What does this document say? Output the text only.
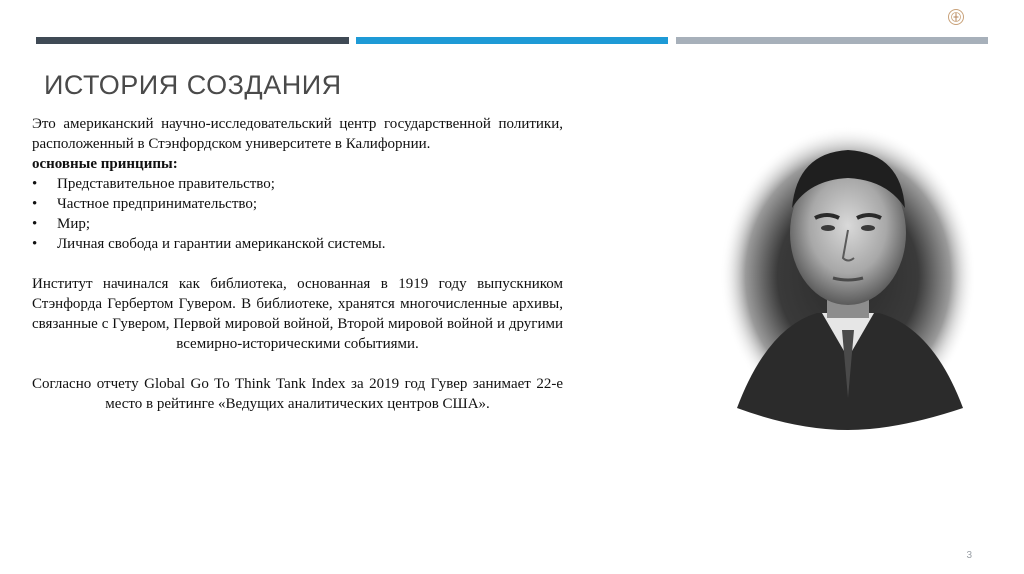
ИСТОРИЯ СОЗДАНИЯ

Это американский научно-исследовательский центр государственной политики, расположенный в Стэнфордском университете в Калифорнии.

основные принципы:

• Представительное правительство;
• Частное предпринимательство;
• Мир;
• Личная свобода и гарантии американской системы.

Институт начинался как библиотека, основанная в 1919 году выпускником Стэнфорда Гербертом Гувером. В библиотеке, хранятся многочисленные архивы, связанные с Гувером, Первой мировой войной, Второй мировой войной и другими всемирно-историческими событиями.

Согласно отчету Global Go To Think Tank Index за 2019 год Гувер занимает 22-е место в рейтинге «Ведущих аналитических центров США».

3
